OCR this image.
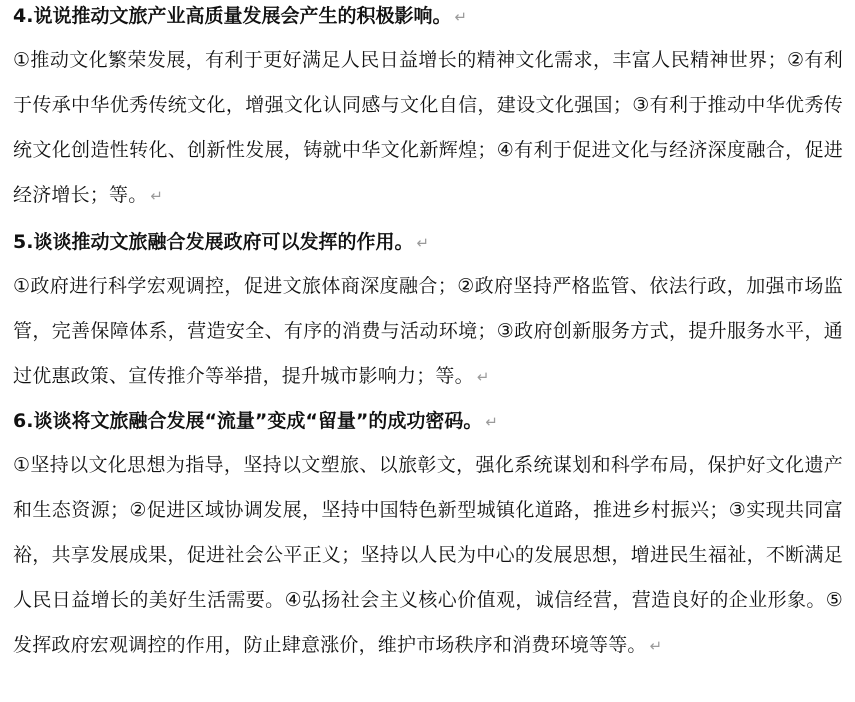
4.说说推动文旅产业高质量发展会产生的积极影响。 ↵
①推动文化繁荣发展，有利于更好满足人民日益增长的精神文化需求，丰富人民精神世界；②有利于传承中华优秀传统文化，增强文化认同感与文化自信，建设文化强国；③有利于推动中华优秀传统文化创造性转化、创新性发展，铸就中华文化新辉煌；④有利于促进文化与经济深度融合，促进经济增长；等。 ↵
5.谈谈推动文旅融合发展政府可以发挥的作用。 ↵
①政府进行科学宏观调控，促进文旅体商深度融合；②政府坚持严格监管、依法行政，加强市场监管，完善保障体系，营造安全、有序的消费与活动环境；③政府创新服务方式，提升服务水平，通过优惠政策、宣传推介等举措，提升城市影响力；等。 ↵
6.谈谈将文旅融合发展“流量”变成“留量”的成功密码。 ↵
①坚持以文化思想为指导，坚持以文塑旅、以旅彰文，强化系统谋划和科学布局，保护好文化遗产和生态资源；②促进区域协调发展，坚持中国特色新型城镇化道路，推进乡村振兴；③实现共同富裕，共享发展成果，促进社会公平正义；坚持以人民为中心的发展思想，增进民生福祉，不断满足人民日益增长的美好生活需要。④弘扬社会主义核心价值观，诚信经营，营造良好的企业形象。⑤发挥政府宏观调控的作用，防止肆意涨价，维护市场秩序和消费环境等等。 ↵
